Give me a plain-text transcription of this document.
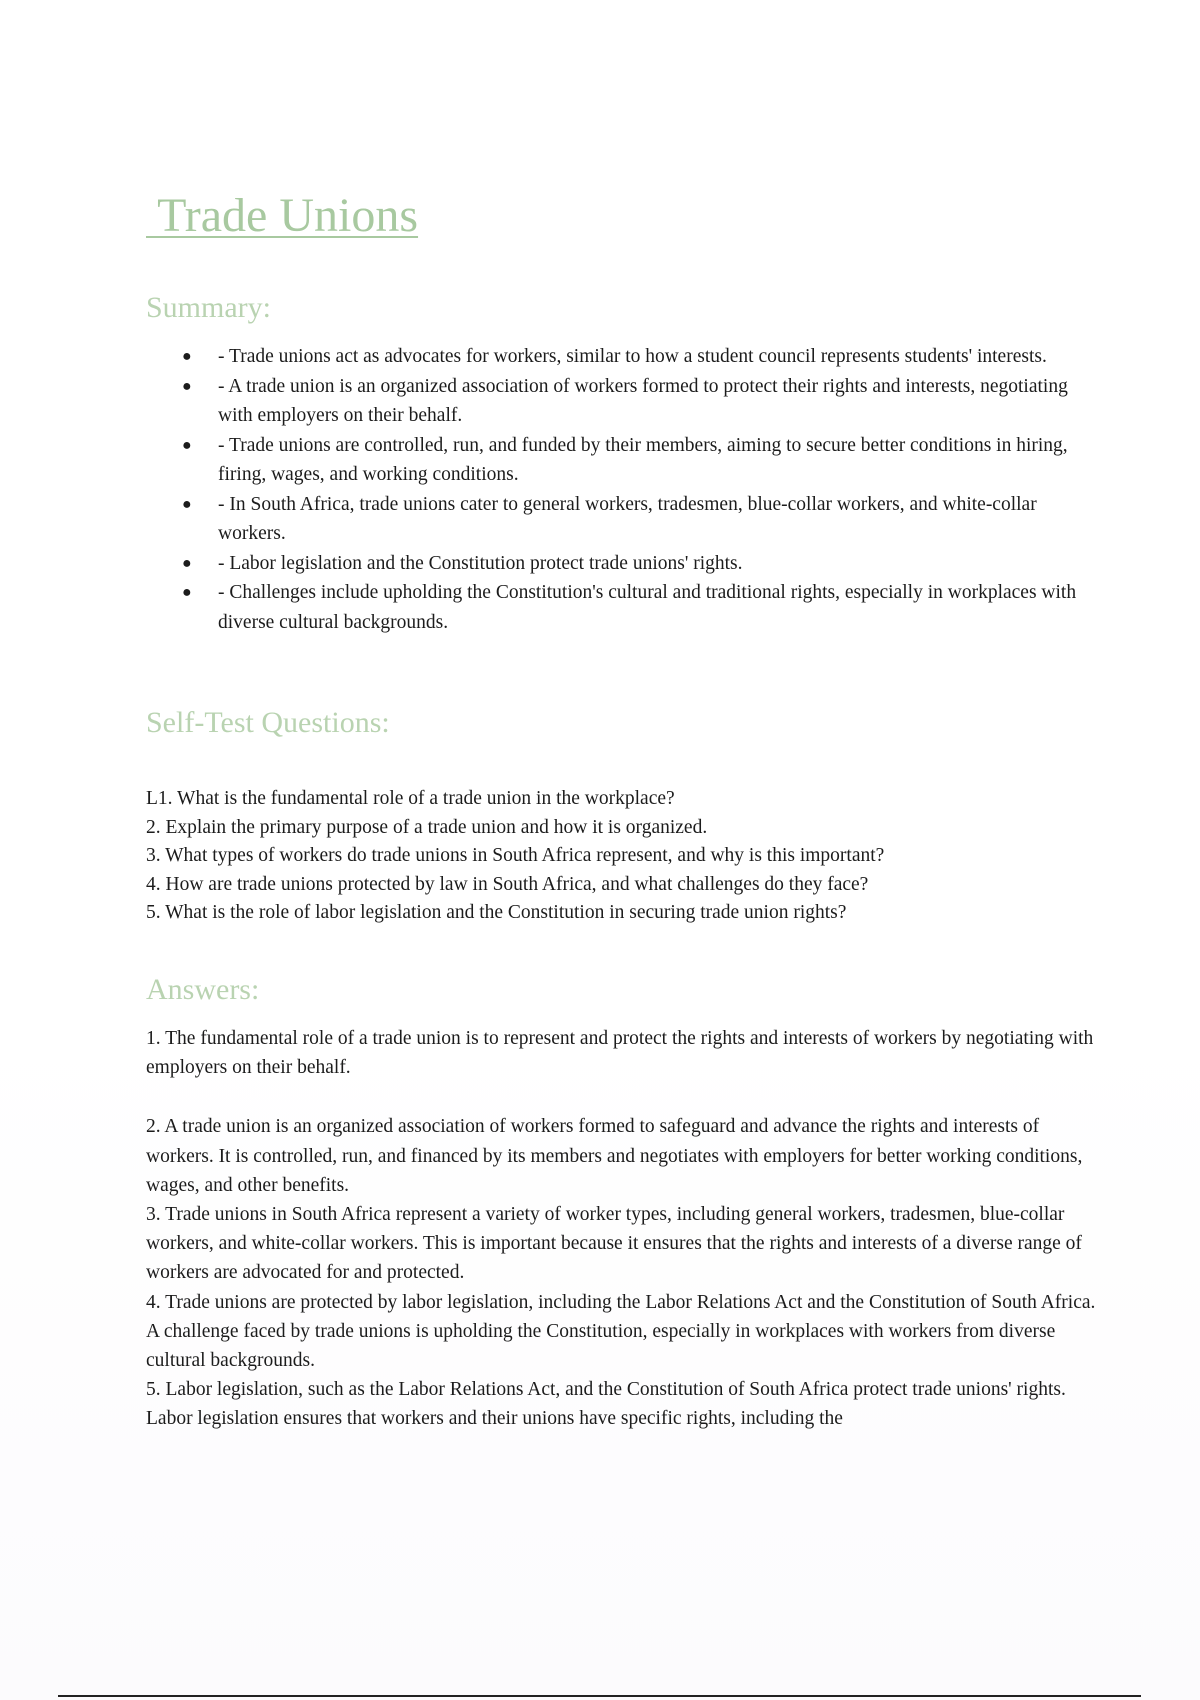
Trade Unions
Summary:
● - Trade unions act as advocates for workers, similar to how a student council represents students' interests.
● - A trade union is an organized association of workers formed to protect their rights and interests, negotiating with employers on their behalf.
● - Trade unions are controlled, run, and funded by their members, aiming to secure better conditions in hiring, firing, wages, and working conditions.
● - In South Africa, trade unions cater to general workers, tradesmen, blue-collar workers, and white-collar workers.
● - Labor legislation and the Constitution protect trade unions' rights.
● - Challenges include upholding the Constitution's cultural and traditional rights, especially in workplaces with diverse cultural backgrounds.
Self-Test Questions:
L1. What is the fundamental role of a trade union in the workplace?
2. Explain the primary purpose of a trade union and how it is organized.
3. What types of workers do trade unions in South Africa represent, and why is this important?
4. How are trade unions protected by law in South Africa, and what challenges do they face?
5. What is the role of labor legislation and the Constitution in securing trade union rights?
Answers:

1. The fundamental role of a trade union is to represent and protect the rights and interests of workers by negotiating with employers on their behalf.

2. A trade union is an organized association of workers formed to safeguard and advance the rights and interests of workers. It is controlled, run, and financed by its members and negotiates with employers for better working conditions, wages, and other benefits.

3. Trade unions in South Africa represent a variety of worker types, including general workers, tradesmen, blue-collar workers, and white-collar workers. This is important because it ensures that the rights and interests of a diverse range of workers are advocated for and protected.

4. Trade unions are protected by labor legislation, including the Labor Relations Act and the Constitution of South Africa. A challenge faced by trade unions is upholding the Constitution, especially in workplaces with workers from diverse cultural backgrounds.

5. Labor legislation, such as the Labor Relations Act, and the Constitution of South Africa protect trade unions' rights. Labor legislation ensures that workers and their unions have specific rights, including the
